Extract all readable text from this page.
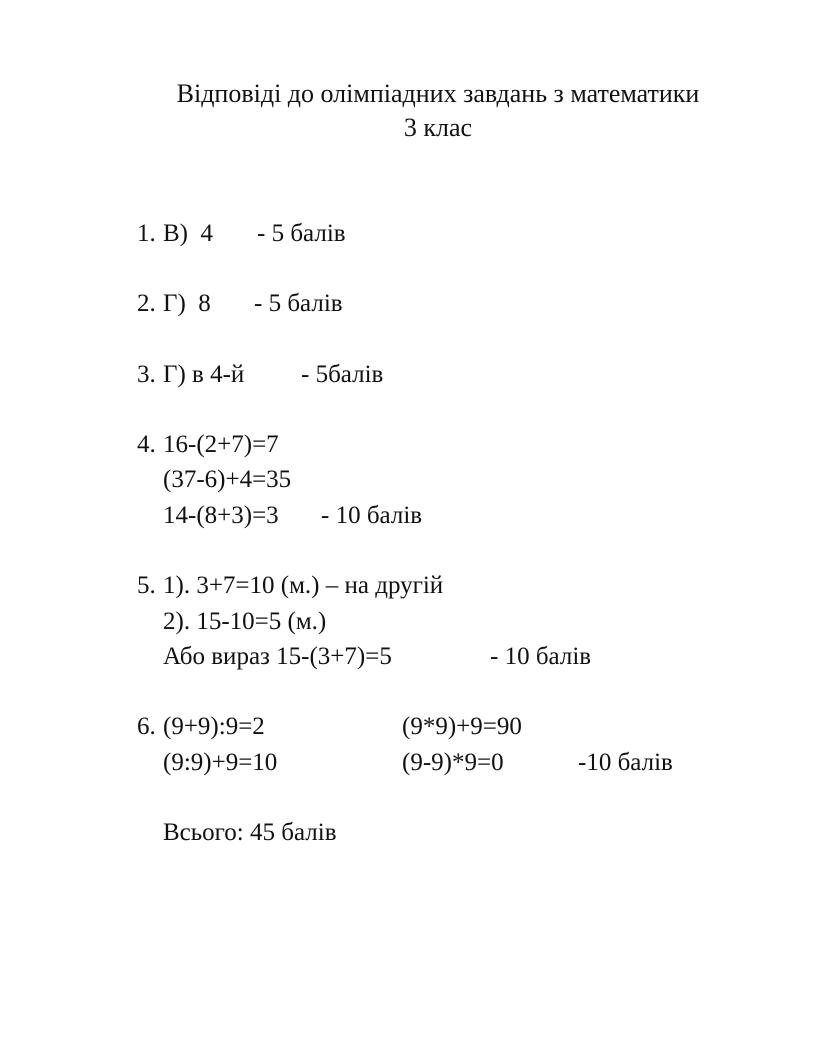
Відповіді до олімпіадних завдань з математики
3 клас
1. В)  4 - 5 балів
2. Г)  8 - 5 балів
3. Г) в 4-й - 5балів
4. 16-(2+7)=7
(37-6)+4=35
14-(8+3)=3 - 10 балів
5. 1). 3+7=10 (м.) – на другій
2). 15-10=5 (м.)
Або вираз 15-(3+7)=5	- 10 балів
6. (9+9):9=2	(9*9)+9=90
(9:9)+9=10	(9-9)*9=0	-10 балів
Всього: 45 балів
